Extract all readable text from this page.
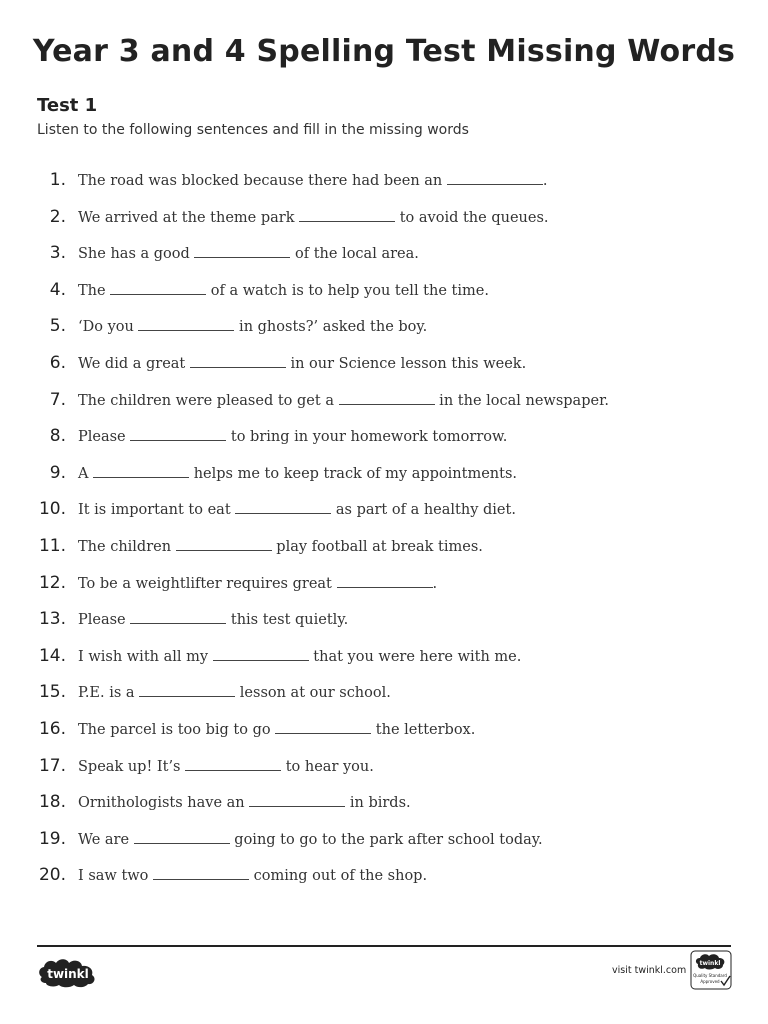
Year 3 and 4 Spelling Test Missing Words
Test 1
Listen to the following sentences and fill in the missing words
1. The road was blocked because there had been an	.
2. We arrived at the theme park	to avoid the queues.
3. She has a good	of the local area.
4. The	of a watch is to help you tell the time.
5. ‘Do you	in ghosts?’ asked the boy.
6. We did a great	in our Science lesson this week.
7. The children were pleased to get a	in the local newspaper.
8. Please	to bring in your homework tomorrow.
9. A	helps me to keep track of my appointments.
10. It is important to eat	as part of a healthy diet.
11. The children	play football at break times.
12. To be a weightlifter requires great	.
13. Please	this test quietly.
14. I wish with all my	that you were here with me.
15. P.E. is a	lesson at our school.
16. The parcel is too big to go	the letterbox.
17. Speak up! It’s	to hear you.
18. Ornithologists have an	in birds.
19. We are	going to go to the park after school today.
20. I saw two	coming out of the shop.
twinkl	visit twinkl.com
twinkl
Quality Standard
Approved
